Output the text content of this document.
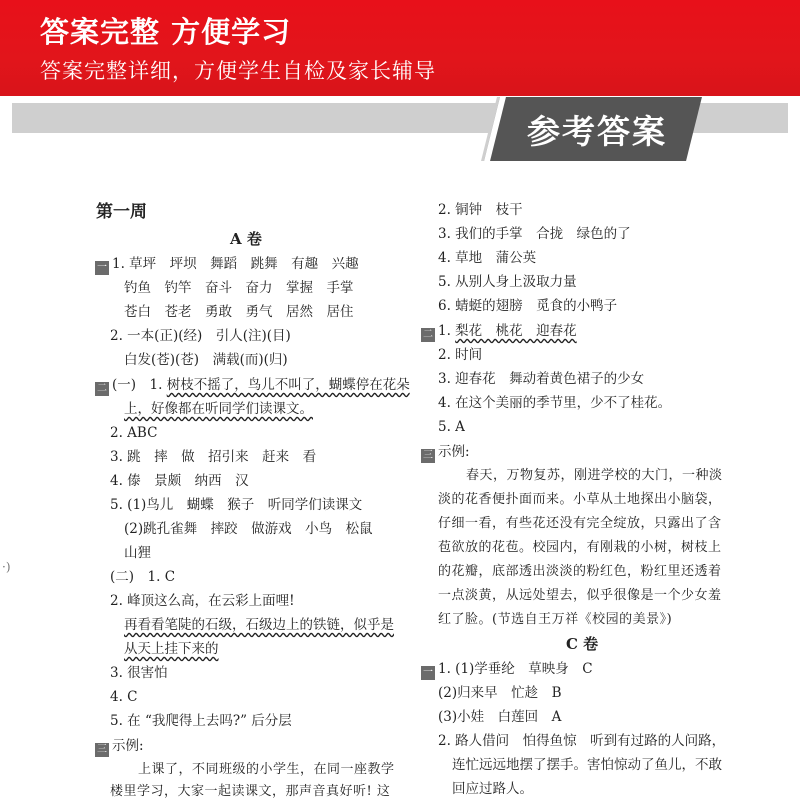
答案完整 方便学习
答案完整详细，方便学生自检及家长辅导
参考答案
·)
第一周
A 卷
一 1. 草坪　坪坝　舞蹈　跳舞　有趣　兴趣
钓鱼　钓竿　奋斗　奋力　掌握　手掌
苍白　苍老　勇敢　勇气　居然　居住
2. 一本(正)(经)　引人(注)(目)
白发(苍)(苍)　满载(而)(归)
二 (一)　1. 树枝不摇了，鸟儿不叫了，蝴蝶停在花朵
上，好像都在听同学们读课文。
2. ABC
3. 跳　摔　做　招引来　赶来　看
4. 傣　景颇　纳西　汉
5. (1)鸟儿　蝴蝶　猴子　听同学们读课文
(2)跳孔雀舞　摔跤　做游戏　小鸟　松鼠
山狸
(二)　1. C
2. 峰顶这么高，在云彩上面哩!
再看看笔陡的石级，石级边上的铁链，似乎是
从天上挂下来的
3. 很害怕
4. C
5. 在 “我爬得上去吗?” 后分层
三 示例:
上课了，不同班级的小学生，在同一座教学
楼里学习，大家一起读课文，那声音真好听! 这
2. 铜钟　枝干
3. 我们的手掌　合拢　绿色的了
4. 草地　蒲公英
5. 从别人身上汲取力量
6. 蜻蜓的翅膀　觅食的小鸭子
二 1. 梨花　桃花　迎春花
2. 时间
3. 迎春花　舞动着黄色裙子的少女
4. 在这个美丽的季节里，少不了桂花。
5. A
三 示例:
春天，万物复苏，刚进学校的大门，一种淡
淡的花香便扑面而来。小草从土地探出小脑袋，
仔细一看，有些花还没有完全绽放，只露出了含
苞欲放的花苞。校园内，有刚栽的小树，树枝上
的花瓣，底部透出淡淡的粉红色，粉红里还透着
一点淡黄，从远处望去，似乎很像是一个少女羞
红了脸。(节选自王万祥《校园的美景》)
C 卷
一 1. (1)学垂纶　草映身　C
(2)归来早　忙趁　B
(3)小娃　白莲回　A
2. 路人借问　怕得鱼惊　听到有过路的人问路，
连忙远远地摆了摆手。害怕惊动了鱼儿，不敢
回应过路人。
